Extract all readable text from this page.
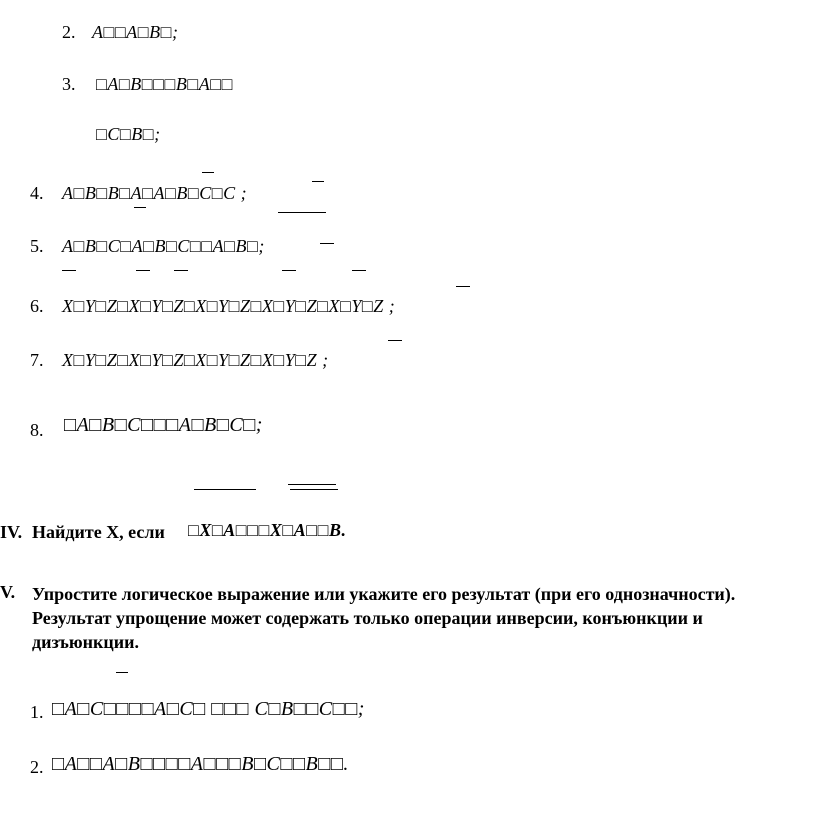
2. A□□A□B□;
3. □A□B□□□B□A□□
□C□B□;
4. A□B□B□A□A□B□C□C ;
5. A□B□C□A□B□C□□A□B□;
6. X□Y□Z□X□Y□Z□X□Y□Z□X□Y□Z□X□Y□Z ;
7. X□Y□Z□X□Y□Z□X□Y□Z□X□Y□Z ;
8. □A□B□C□□□A□B□C□;
IV. Найдите X, если □X□A□□□X□A□□B.
V. Упростите логическое выражение или укажите его результат (при его однозначности). Результат упрощение может содержать только операции инверсии, конъюнкции и дизъюнкции.
1. □A□C□□□□A□C□ □□□ C□B□□C□□;
2. □A□□A□B□□□□A□□□B□C□□B□□.
